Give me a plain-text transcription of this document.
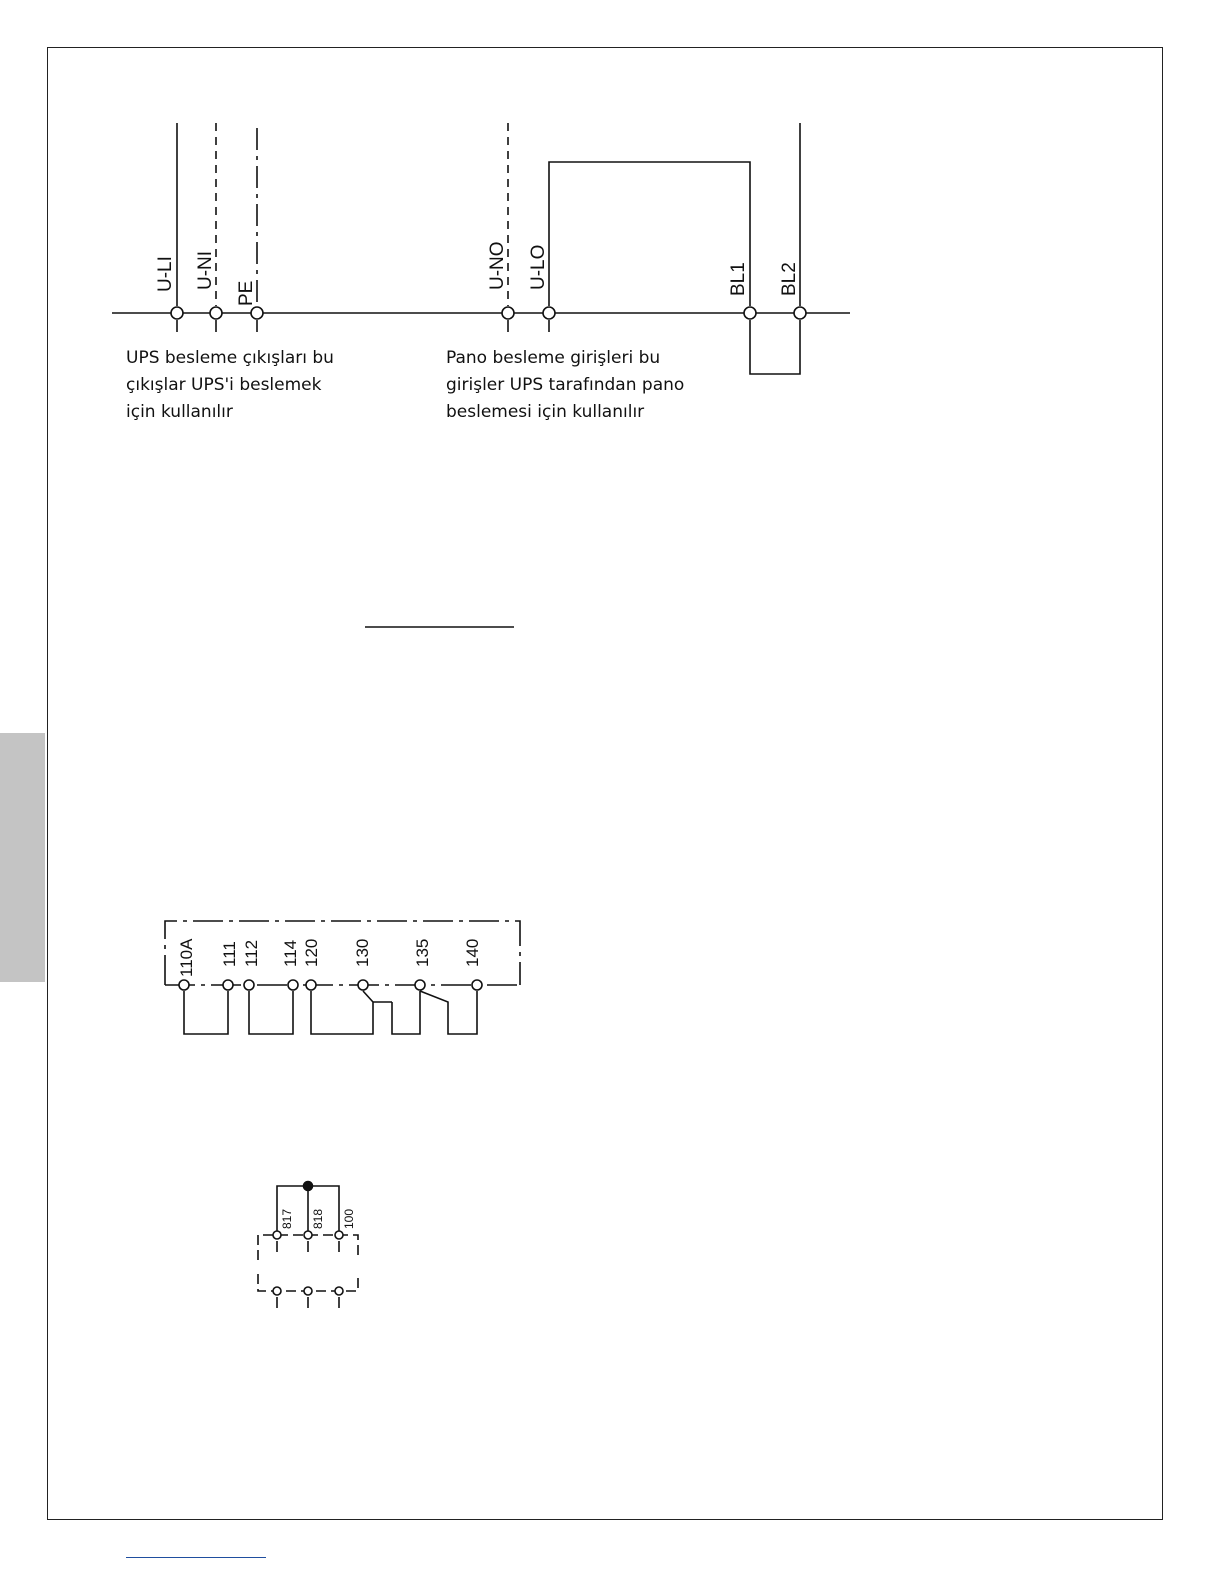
U-LI U-NI
PE
U-NO U-LO	BL1 BL2
UPS besleme çıkışları bu
çıkışlar UPS'i beslemek
için kullanılır
Pano besleme girişleri bu
girişler UPS tarafından pano
beslemesi için kullanılır
110A 111 112 114 120 130 135 140
817 818 100
